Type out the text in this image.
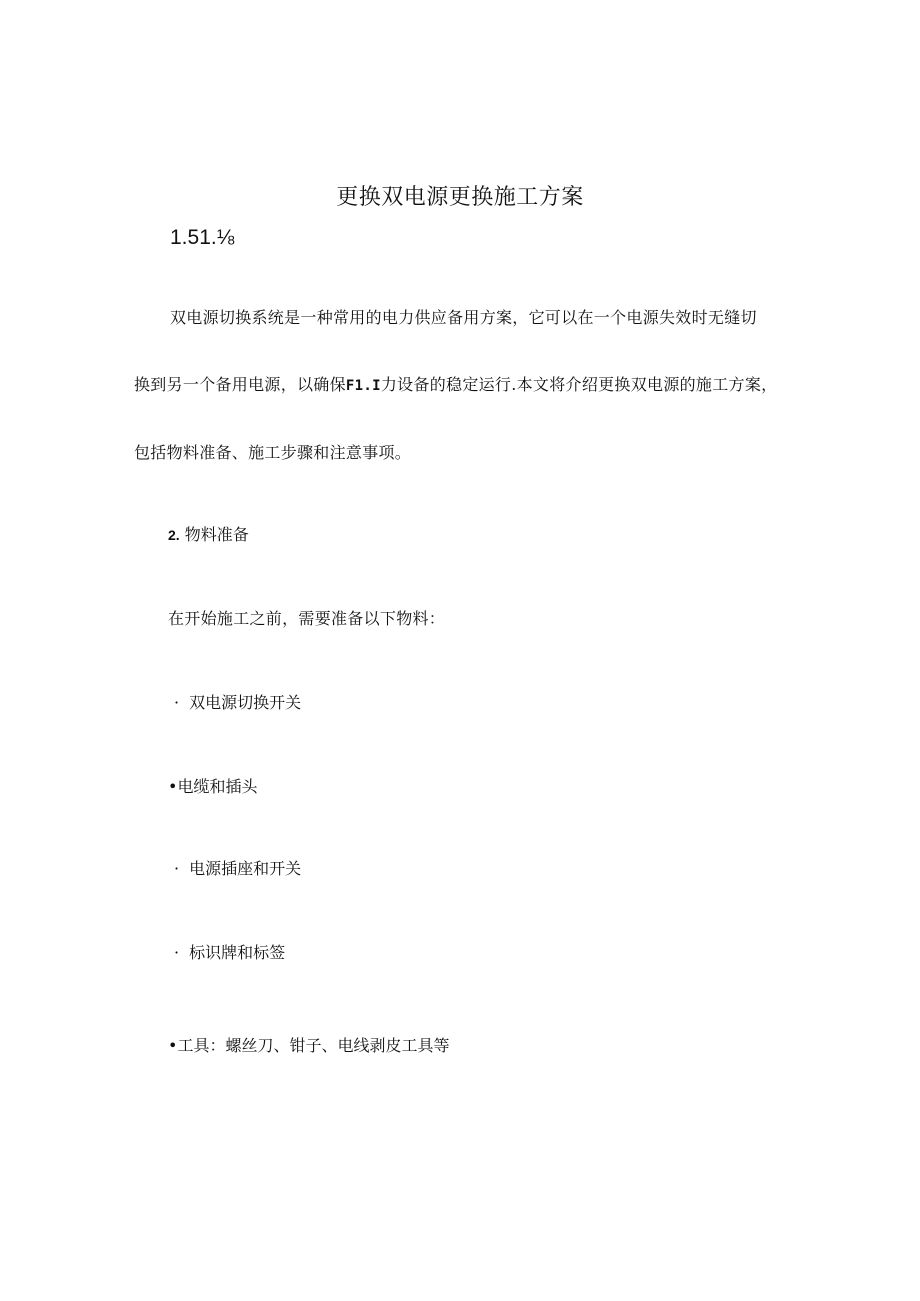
更换双电源更换施工方案
1.51.⅛
双电源切换系统是一种常用的电力供应备用方案，它可以在一个电源失效时无缝切
换到另一个备用电源，以确保F1.I力设备的稳定运行.本文将介绍更换双电源的施工方案，
包括物料准备、施工步骤和注意事项。
2. 物料准备
在开始施工之前，需要准备以下物料：
· 双电源切换开关
•电缆和插头
· 电源插座和开关
· 标识牌和标签
•工具：螺丝刀、钳子、电线剥皮工具等
